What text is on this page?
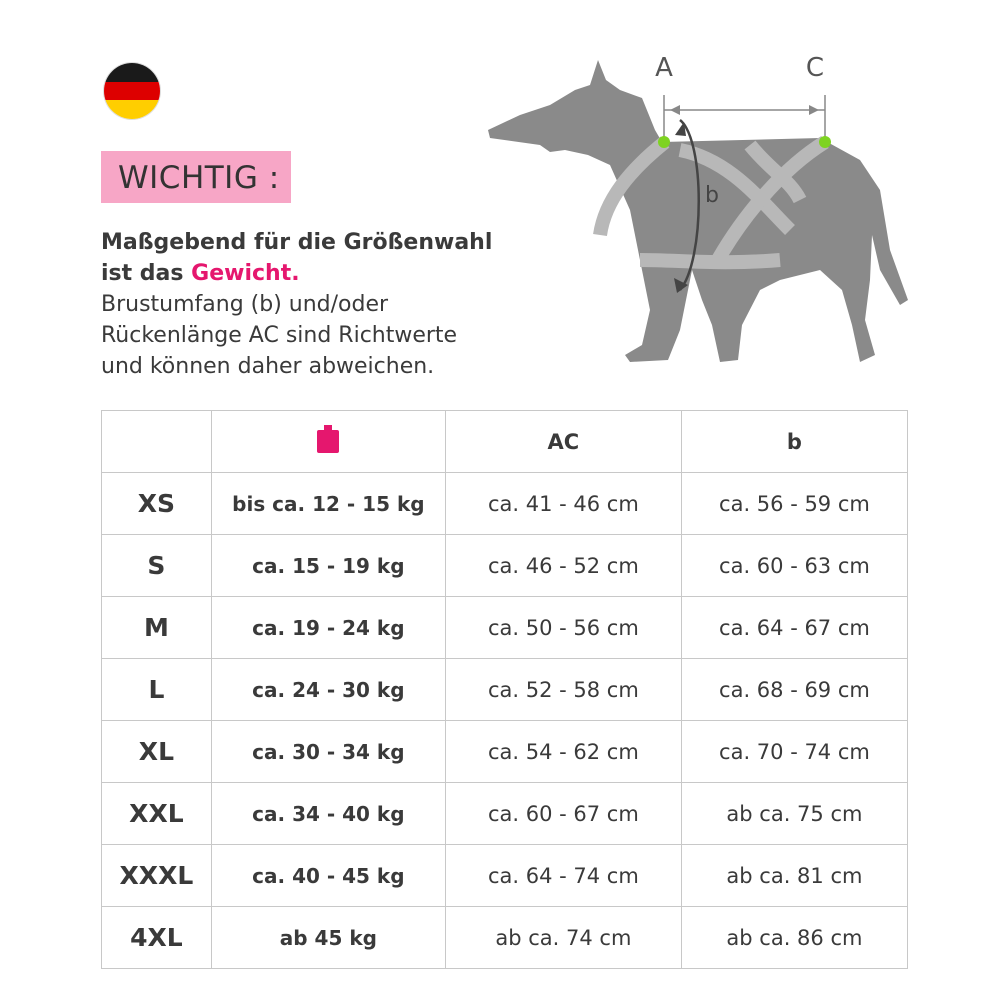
WICHTIG :
Maßgebend für die Größenwahl
ist das Gewicht.
Brustumfang (b) und/oder
Rückenlänge AC sind Richtwerte
und können daher abweichen.
A	C
b
		AC	b
XS	bis ca. 12 - 15 kg	ca. 41 - 46 cm	ca. 56 - 59 cm
S	ca. 15 - 19 kg	ca. 46 - 52 cm	ca. 60 - 63 cm
M	ca. 19 - 24 kg	ca. 50 - 56 cm	ca. 64 - 67 cm
L	ca. 24 - 30 kg	ca. 52 - 58 cm	ca. 68 - 69 cm
XL	ca. 30 - 34 kg	ca. 54 - 62 cm	ca. 70 - 74 cm
XXL	ca. 34 - 40 kg	ca. 60 - 67 cm	ab ca. 75 cm
XXXL	ca. 40 - 45 kg	ca. 64 - 74 cm	ab ca. 81 cm
4XL	ab 45 kg	ab ca. 74 cm	ab ca. 86 cm
